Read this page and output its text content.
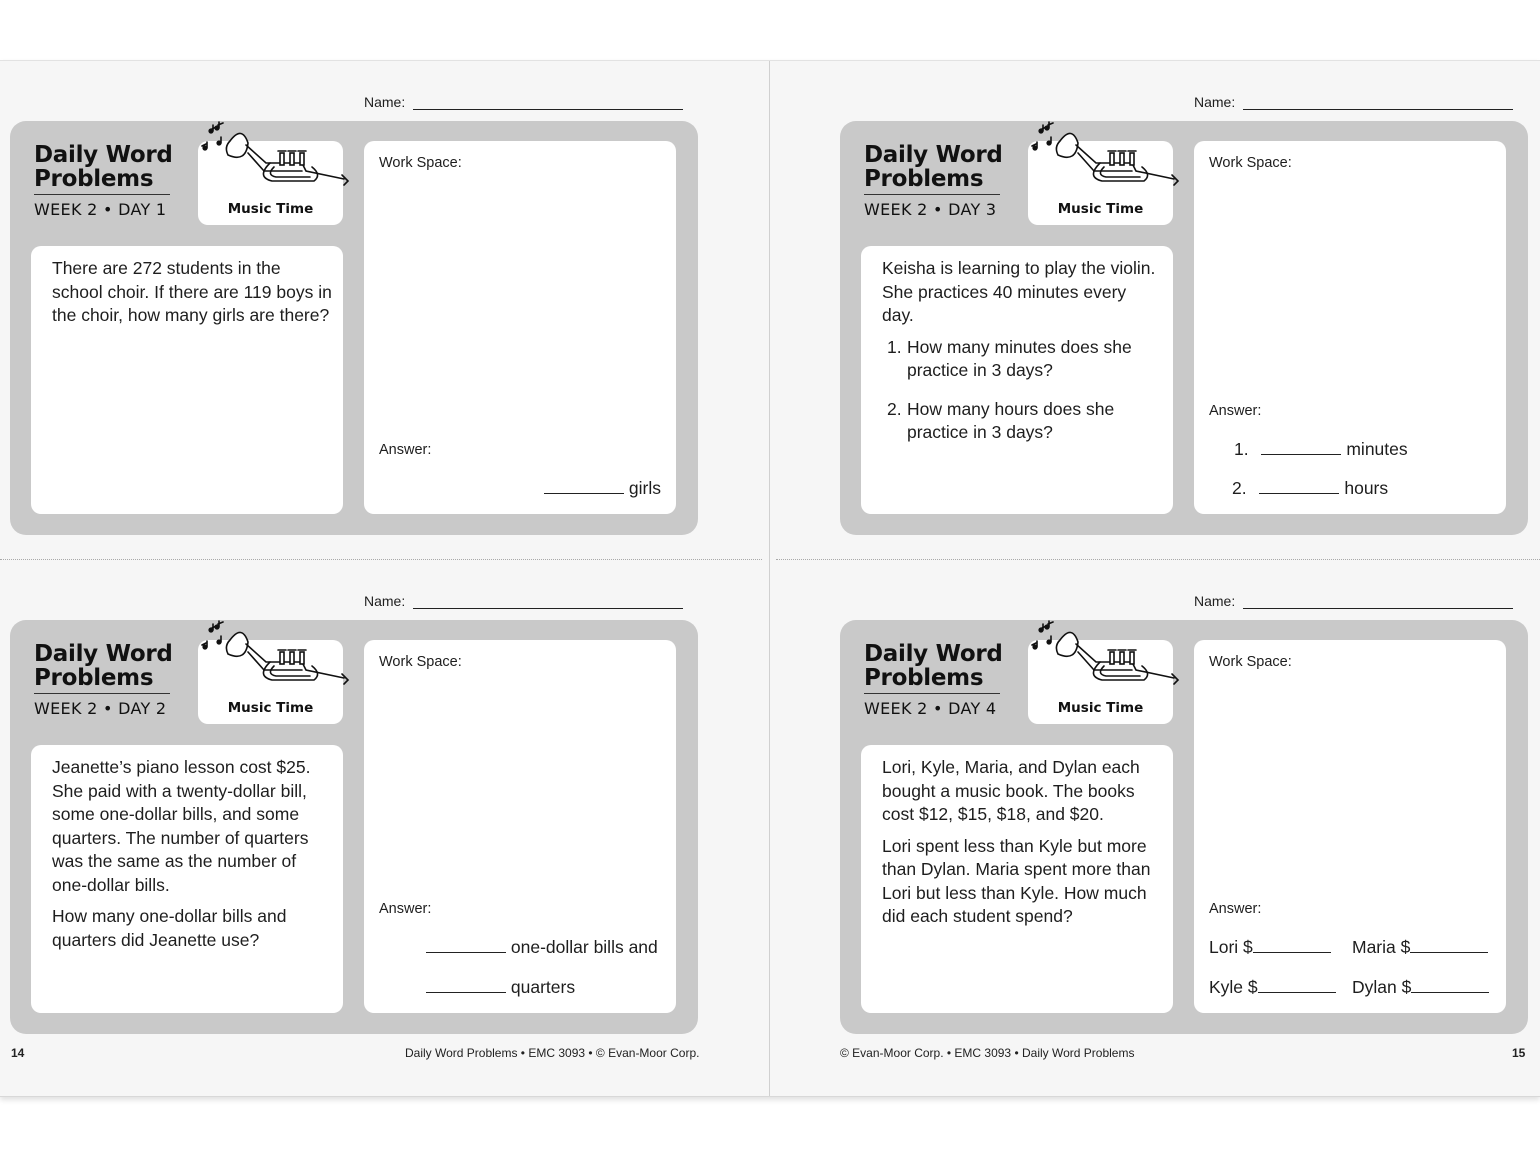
Name:
Daily Word
Problems
WEEK 2 • DAY 1	Music Time

There are 272 students in the school choir. If there are 119 boys in the choir, how many girls are there?

Work Space:
Answer:
girls
Name:
Daily Word
Problems
WEEK 2 • DAY 3	Music Time

Keisha is learning to play the violin. She practices 40 minutes every day.

1. How many minutes does she practice in 3 days?
2. How many hours does she practice in 3 days?
Work Space:
Answer:
1.	minutes
2.	hours
Name:
Daily Word
Problems
WEEK 2 • DAY 2	Music Time

Jeanette’s piano lesson cost $25. She paid with a twenty-dollar bill, some one-dollar bills, and some quarters. The number of quarters was the same as the number of one-dollar bills.

How many one-dollar bills and quarters did Jeanette use?

Work Space:
Answer:
one-dollar bills and
quarters
Name:
Daily Word
Problems
WEEK 2 • DAY 4	Music Time

Lori, Kyle, Maria, and Dylan each bought a music book. The books cost $12, $15, $18, and $20.

Lori spent less than Kyle but more than Dylan. Maria spent more than Lori but less than Kyle. How much did each student spend?

Work Space:
Answer:
Lori $	Maria $
Kyle $	Dylan $
14	Daily Word Problems • EMC 3093 • © Evan-Moor Corp.	© Evan-Moor Corp. • EMC 3093 • Daily Word Problems	15
